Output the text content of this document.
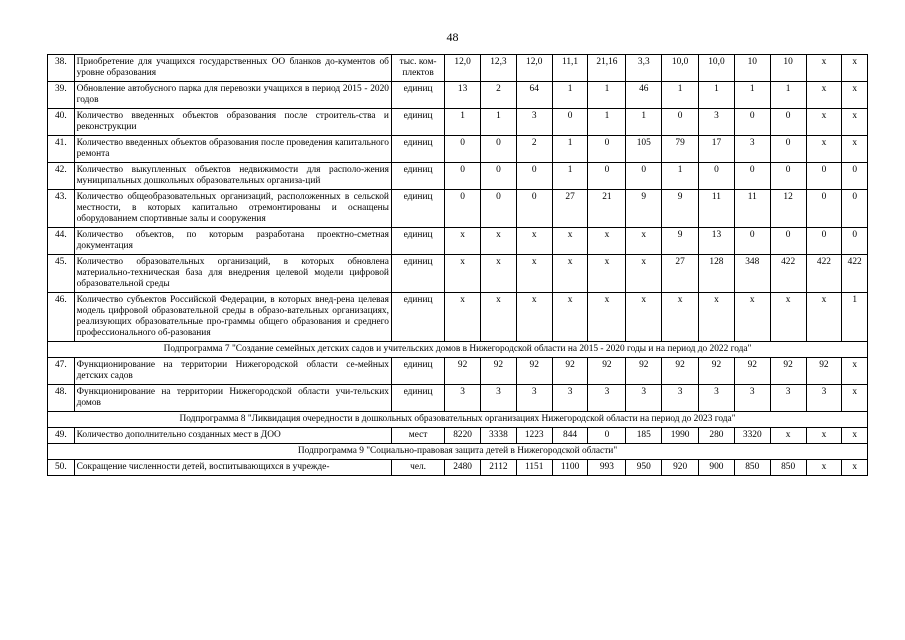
48
38.	Приобретение для учащихся государственных ОО бланков до-кументов об уровне образования	тыс. ком-плектов	12,0	12,3	12,0	11,1	21,16	3,3	10,0	10,0	10	10	х	х
39.	Обновление автобусного парка для перевозки учащихся в период 2015 - 2020 годов	единиц	13	2	64	1	1	46	1	1	1	1	х	х
40.	Количество введенных объектов образования после строитель-ства и реконструкции	единиц	1	1	3	0	1	1	0	3	0	0	х	х
41.	Количество введенных объектов образования после проведения капитального ремонта	единиц	0	0	2	1	0	105	79	17	3	0	х	х
42.	Количество выкупленных объектов недвижимости для располо-жения муниципальных дошкольных образовательных организа-ций	единиц	0	0	0	1	0	0	1	0	0	0	0	0
43.	Количество общеобразовательных организаций, расположенных в сельской местности, в которых капитально отремонтированы и оснащены оборудованием спортивные залы и сооружения	единиц	0	0	0	27	21	9	9	11	11	12	0	0
44.	Количество объектов, по которым разработана проектно-сметная документация	единиц	х	х	х	х	х	х	9	13	0	0	0	0
45.	Количество образовательных организаций, в которых обновлена материально-техническая база для внедрения целевой модели цифровой образовательной среды	единиц	х	х	х	х	х	х	27	128	348	422	422	422
46.	Количество субъектов Российской Федерации, в которых внед-рена целевая модель цифровой образовательной среды в образо-вательных организациях, реализующих образовательные про-граммы общего образования и среднего профессионального об-разования	единиц	х	х	х	х	х	х	х	х	х	х	х	1
Подпрограмма 7 "Создание семейных детских садов и учительских домов в Нижегородской области на 2015 - 2020 годы и на период до 2022 года"														
47.	Функционирование на территории Нижегородской области се-мейных детских садов	единиц	92	92	92	92	92	92	92	92	92	92	92	х
48.	Функционирование на территории Нижегородской области учи-тельских домов	единиц	3	3	3	3	3	3	3	3	3	3	3	х
Подпрограмма 8 "Ликвидация очередности в дошкольных образовательных организациях Нижегородской области на период до 2023 года"														
49.	Количество дополнительно созданных мест в ДОО	мест	8220	3338	1223	844	0	185	1990	280	3320	х	х	х
Подпрограмма 9 "Социально-правовая защита детей в Нижегородской области"														
50.	Сокращение численности детей, воспитывающихся в учрежде-	чел.	2480	2112	1151	1100	993	950	920	900	850	850	х	х
